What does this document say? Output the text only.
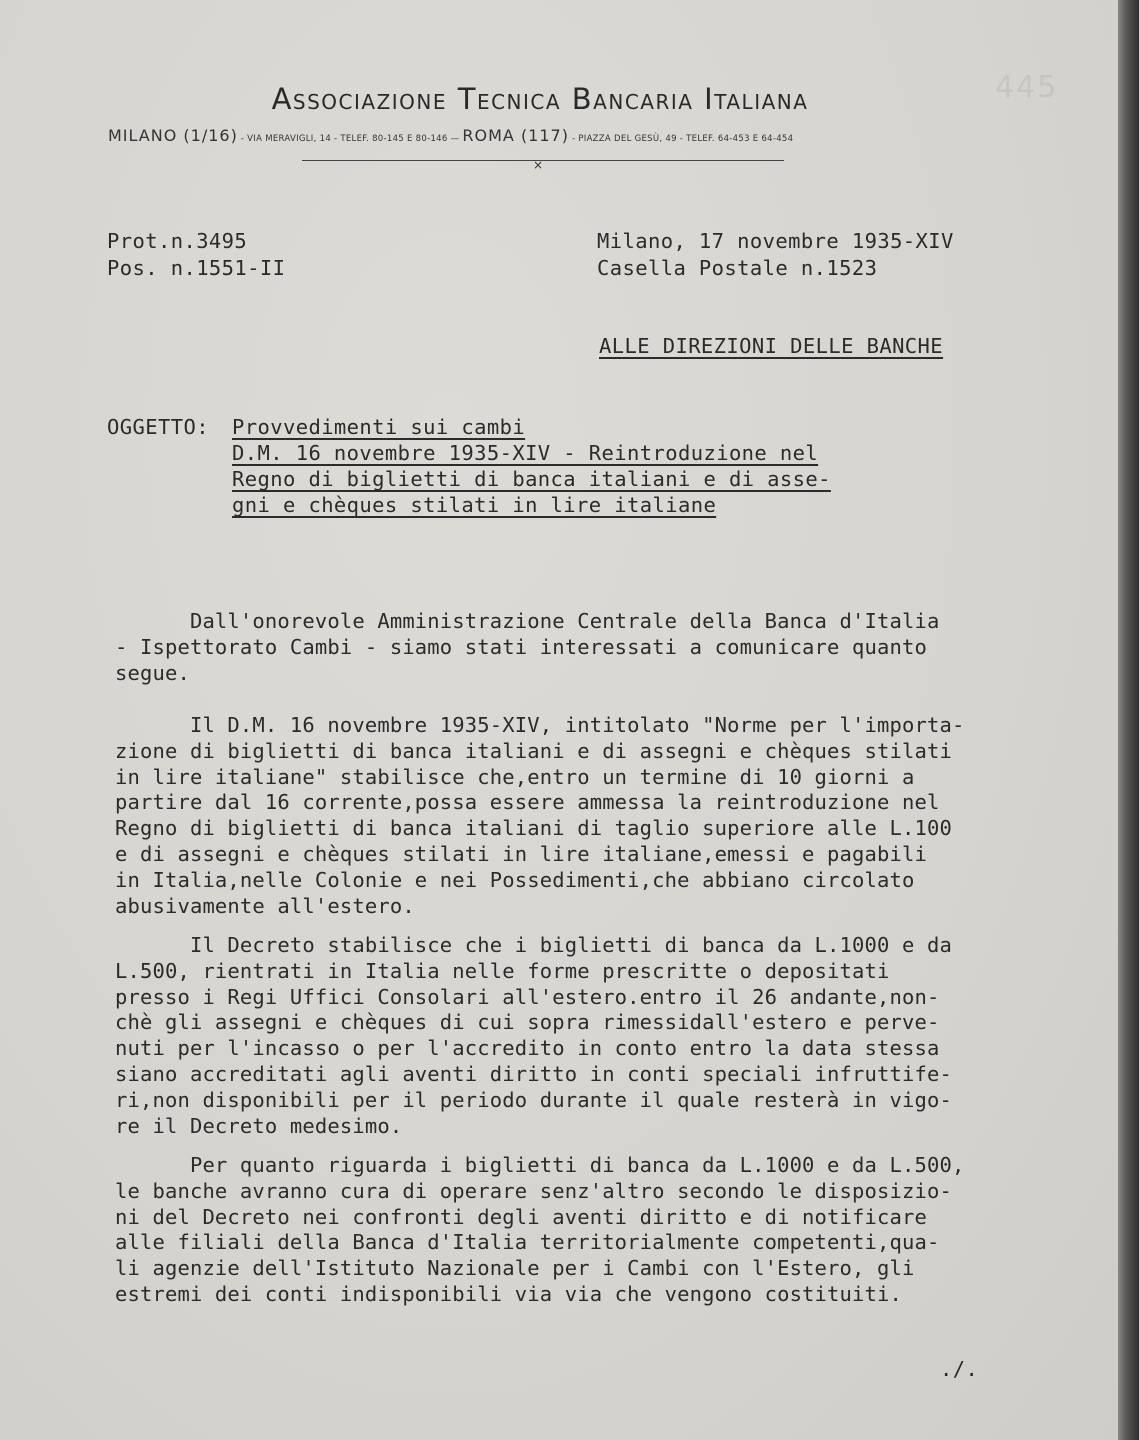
445
Associazione Tecnica Bancaria Italiana
MILANO (1/16) - VIA MERAVIGLI, 14 - TELEF. 80-145 E 80-146 — ROMA (117) - PIAZZA DEL GESÙ, 49 - TELEF. 64-453 E 64-454
×
Prot.n.3495
Pos. n.1551-II
Milano, 17 novembre 1935-XIV
Casella Postale n.1523
ALLE DIREZIONI DELLE BANCHE
OGGETTO: Provvedimenti sui cambi
D.M. 16 novembre 1935-XIV - Reintroduzione nel
Regno di biglietti di banca italiani e di asse-
gni e chèques stilati in lire italiane
Dall'onorevole Amministrazione Centrale della Banca d'Italia
- Ispettorato Cambi - siamo stati interessati a comunicare quanto
segue.
Il D.M. 16 novembre 1935-XIV, intitolato "Norme per l'importa-
zione di biglietti di banca italiani e di assegni e chèques stilati
in lire italiane" stabilisce che,entro un termine di 10 giorni a
partire dal 16 corrente,possa essere ammessa la reintroduzione nel
Regno di biglietti di banca italiani di taglio superiore alle L.100
e di assegni e chèques stilati in lire italiane,emessi e pagabili
in Italia,nelle Colonie e nei Possedimenti,che abbiano circolato
abusivamente all'estero.
Il Decreto stabilisce che i biglietti di banca da L.1000 e da
L.500, rientrati in Italia nelle forme prescritte o depositati
presso i Regi Uffici Consolari all'estero.entro il 26 andante,non-
chè gli assegni e chèques di cui sopra rimessidall'estero e perve-
nuti per l'incasso o per l'accredito in conto entro la data stessa
siano accreditati agli aventi diritto in conti speciali infruttife-
ri,non disponibili per il periodo durante il quale resterà in vigo-
re il Decreto medesimo.
Per quanto riguarda i biglietti di banca da L.1000 e da L.500,
le banche avranno cura di operare senz'altro secondo le disposizio-
ni del Decreto nei confronti degli aventi diritto e di notificare
alle filiali della Banca d'Italia territorialmente competenti,qua-
li agenzie dell'Istituto Nazionale per i Cambi con l'Estero, gli
estremi dei conti indisponibili via via che vengono costituiti.
./.
